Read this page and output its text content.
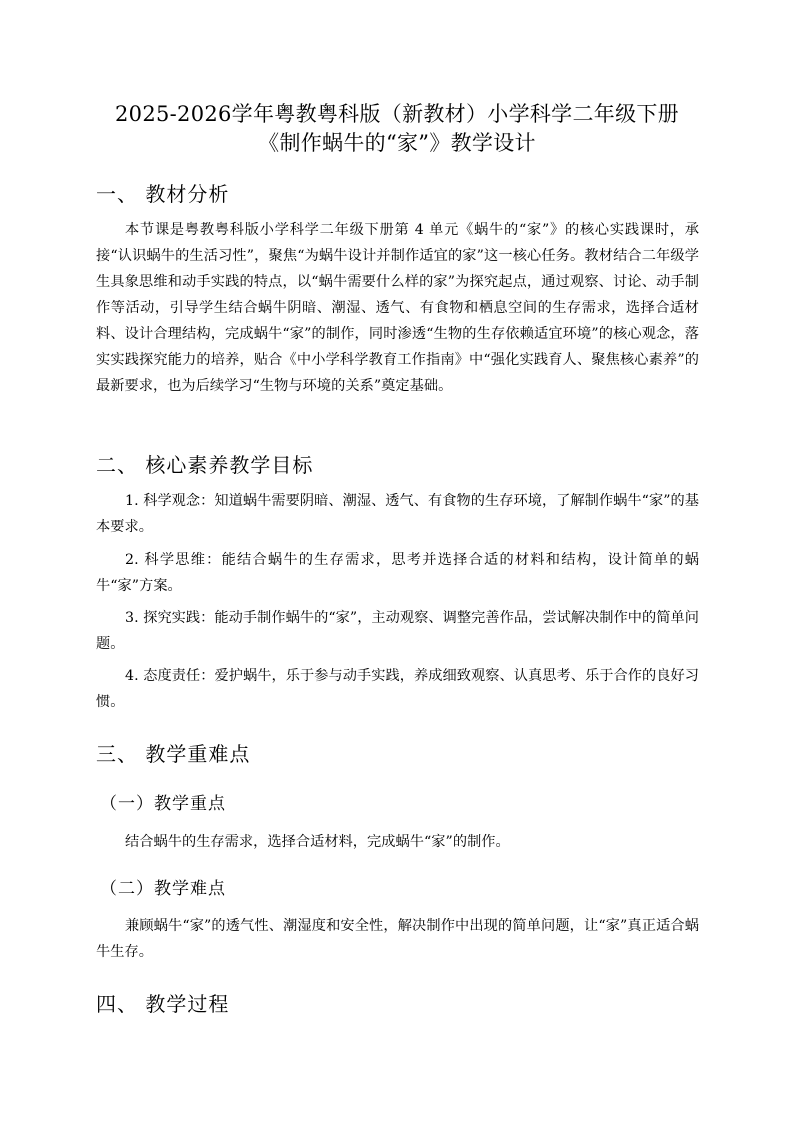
2025-2026学年粤教粤科版（新教材）小学科学二年级下册《制作蜗牛的“家”》教学设计
一、 教材分析
本节课是粤教粤科版小学科学二年级下册第 4 单元《蜗牛的“家”》的核心实践课时，承接“认识蜗牛的生活习性”，聚焦“为蜗牛设计并制作适宜的家”这一核心任务。教材结合二年级学生具象思维和动手实践的特点，以“蜗牛需要什么样的家”为探究起点，通过观察、讨论、动手制作等活动，引导学生结合蜗牛阴暗、潮湿、透气、有食物和栖息空间的生存需求，选择合适材料、设计合理结构，完成蜗牛“家”的制作，同时渗透“生物的生存依赖适宜环境”的核心观念，落实实践探究能力的培养，贴合《中小学科学教育工作指南》中“强化实践育人、聚焦核心素养”的最新要求，也为后续学习“生物与环境的关系”奠定基础。
二、 核心素养教学目标
1. 科学观念：知道蜗牛需要阴暗、潮湿、透气、有食物的生存环境，了解制作蜗牛“家”的基本要求。
2. 科学思维：能结合蜗牛的生存需求，思考并选择合适的材料和结构，设计简单的蜗牛“家”方案。
3. 探究实践：能动手制作蜗牛的“家”，主动观察、调整完善作品，尝试解决制作中的简单问题。
4. 态度责任：爱护蜗牛，乐于参与动手实践，养成细致观察、认真思考、乐于合作的良好习惯。
三、 教学重难点
（一）教学重点
结合蜗牛的生存需求，选择合适材料，完成蜗牛“家”的制作。
（二）教学难点
兼顾蜗牛“家”的透气性、潮湿度和安全性，解决制作中出现的简单问题，让“家”真正适合蜗牛生存。
四、 教学过程
